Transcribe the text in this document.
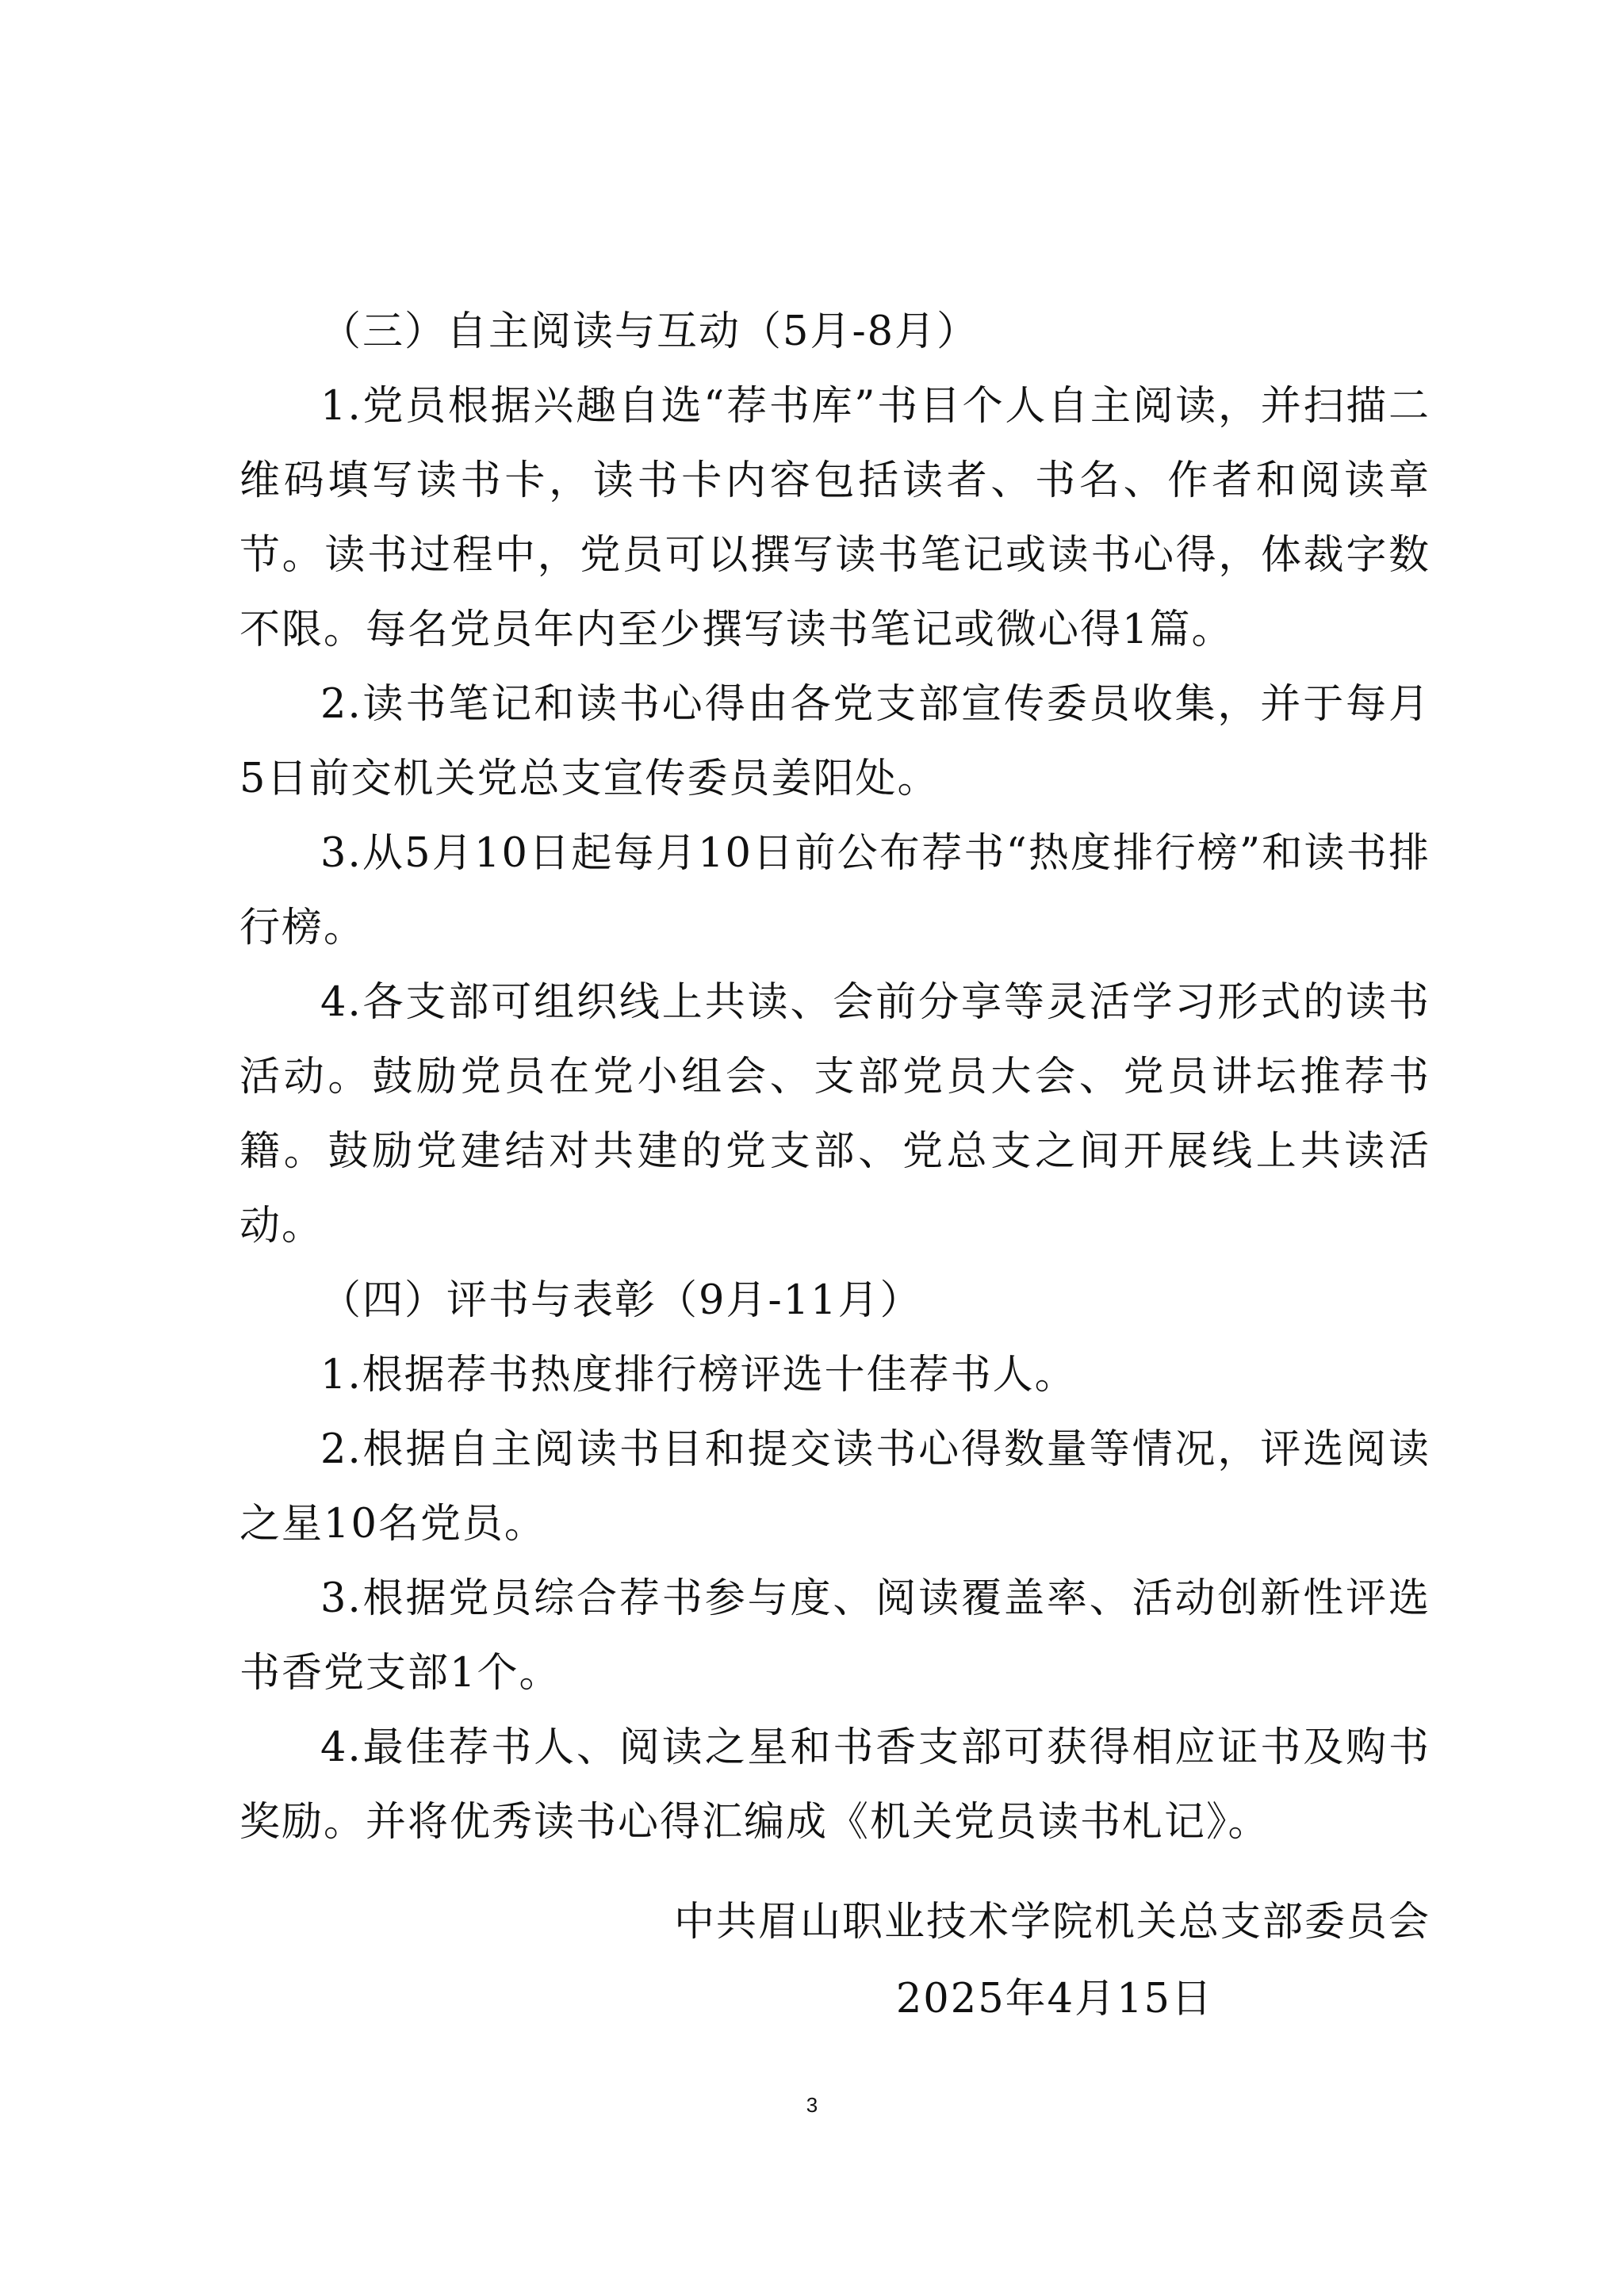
（三）自主阅读与互动（5月-8月）

1.党员根据兴趣自选“荐书库”书目个人自主阅读，并扫描二维码填写读书卡，读书卡内容包括读者、书名、作者和阅读章节。读书过程中，党员可以撰写读书笔记或读书心得，体裁字数不限。每名党员年内至少撰写读书笔记或微心得1篇。

2.读书笔记和读书心得由各党支部宣传委员收集，并于每月5日前交机关党总支宣传委员姜阳处。

3.从5月10日起每月10日前公布荐书“热度排行榜”和读书排行榜。

4.各支部可组织线上共读、会前分享等灵活学习形式的读书活动。鼓励党员在党小组会、支部党员大会、党员讲坛推荐书籍。鼓励党建结对共建的党支部、党总支之间开展线上共读活动。

（四）评书与表彰（9月-11月）

1.根据荐书热度排行榜评选十佳荐书人。

2.根据自主阅读书目和提交读书心得数量等情况，评选阅读之星10名党员。

3.根据党员综合荐书参与度、阅读覆盖率、活动创新性评选书香党支部1个。

4.最佳荐书人、阅读之星和书香支部可获得相应证书及购书奖励。并将优秀读书心得汇编成《机关党员读书札记》。

中共眉山职业技术学院机关总支部委员会
2025年4月15日
3
